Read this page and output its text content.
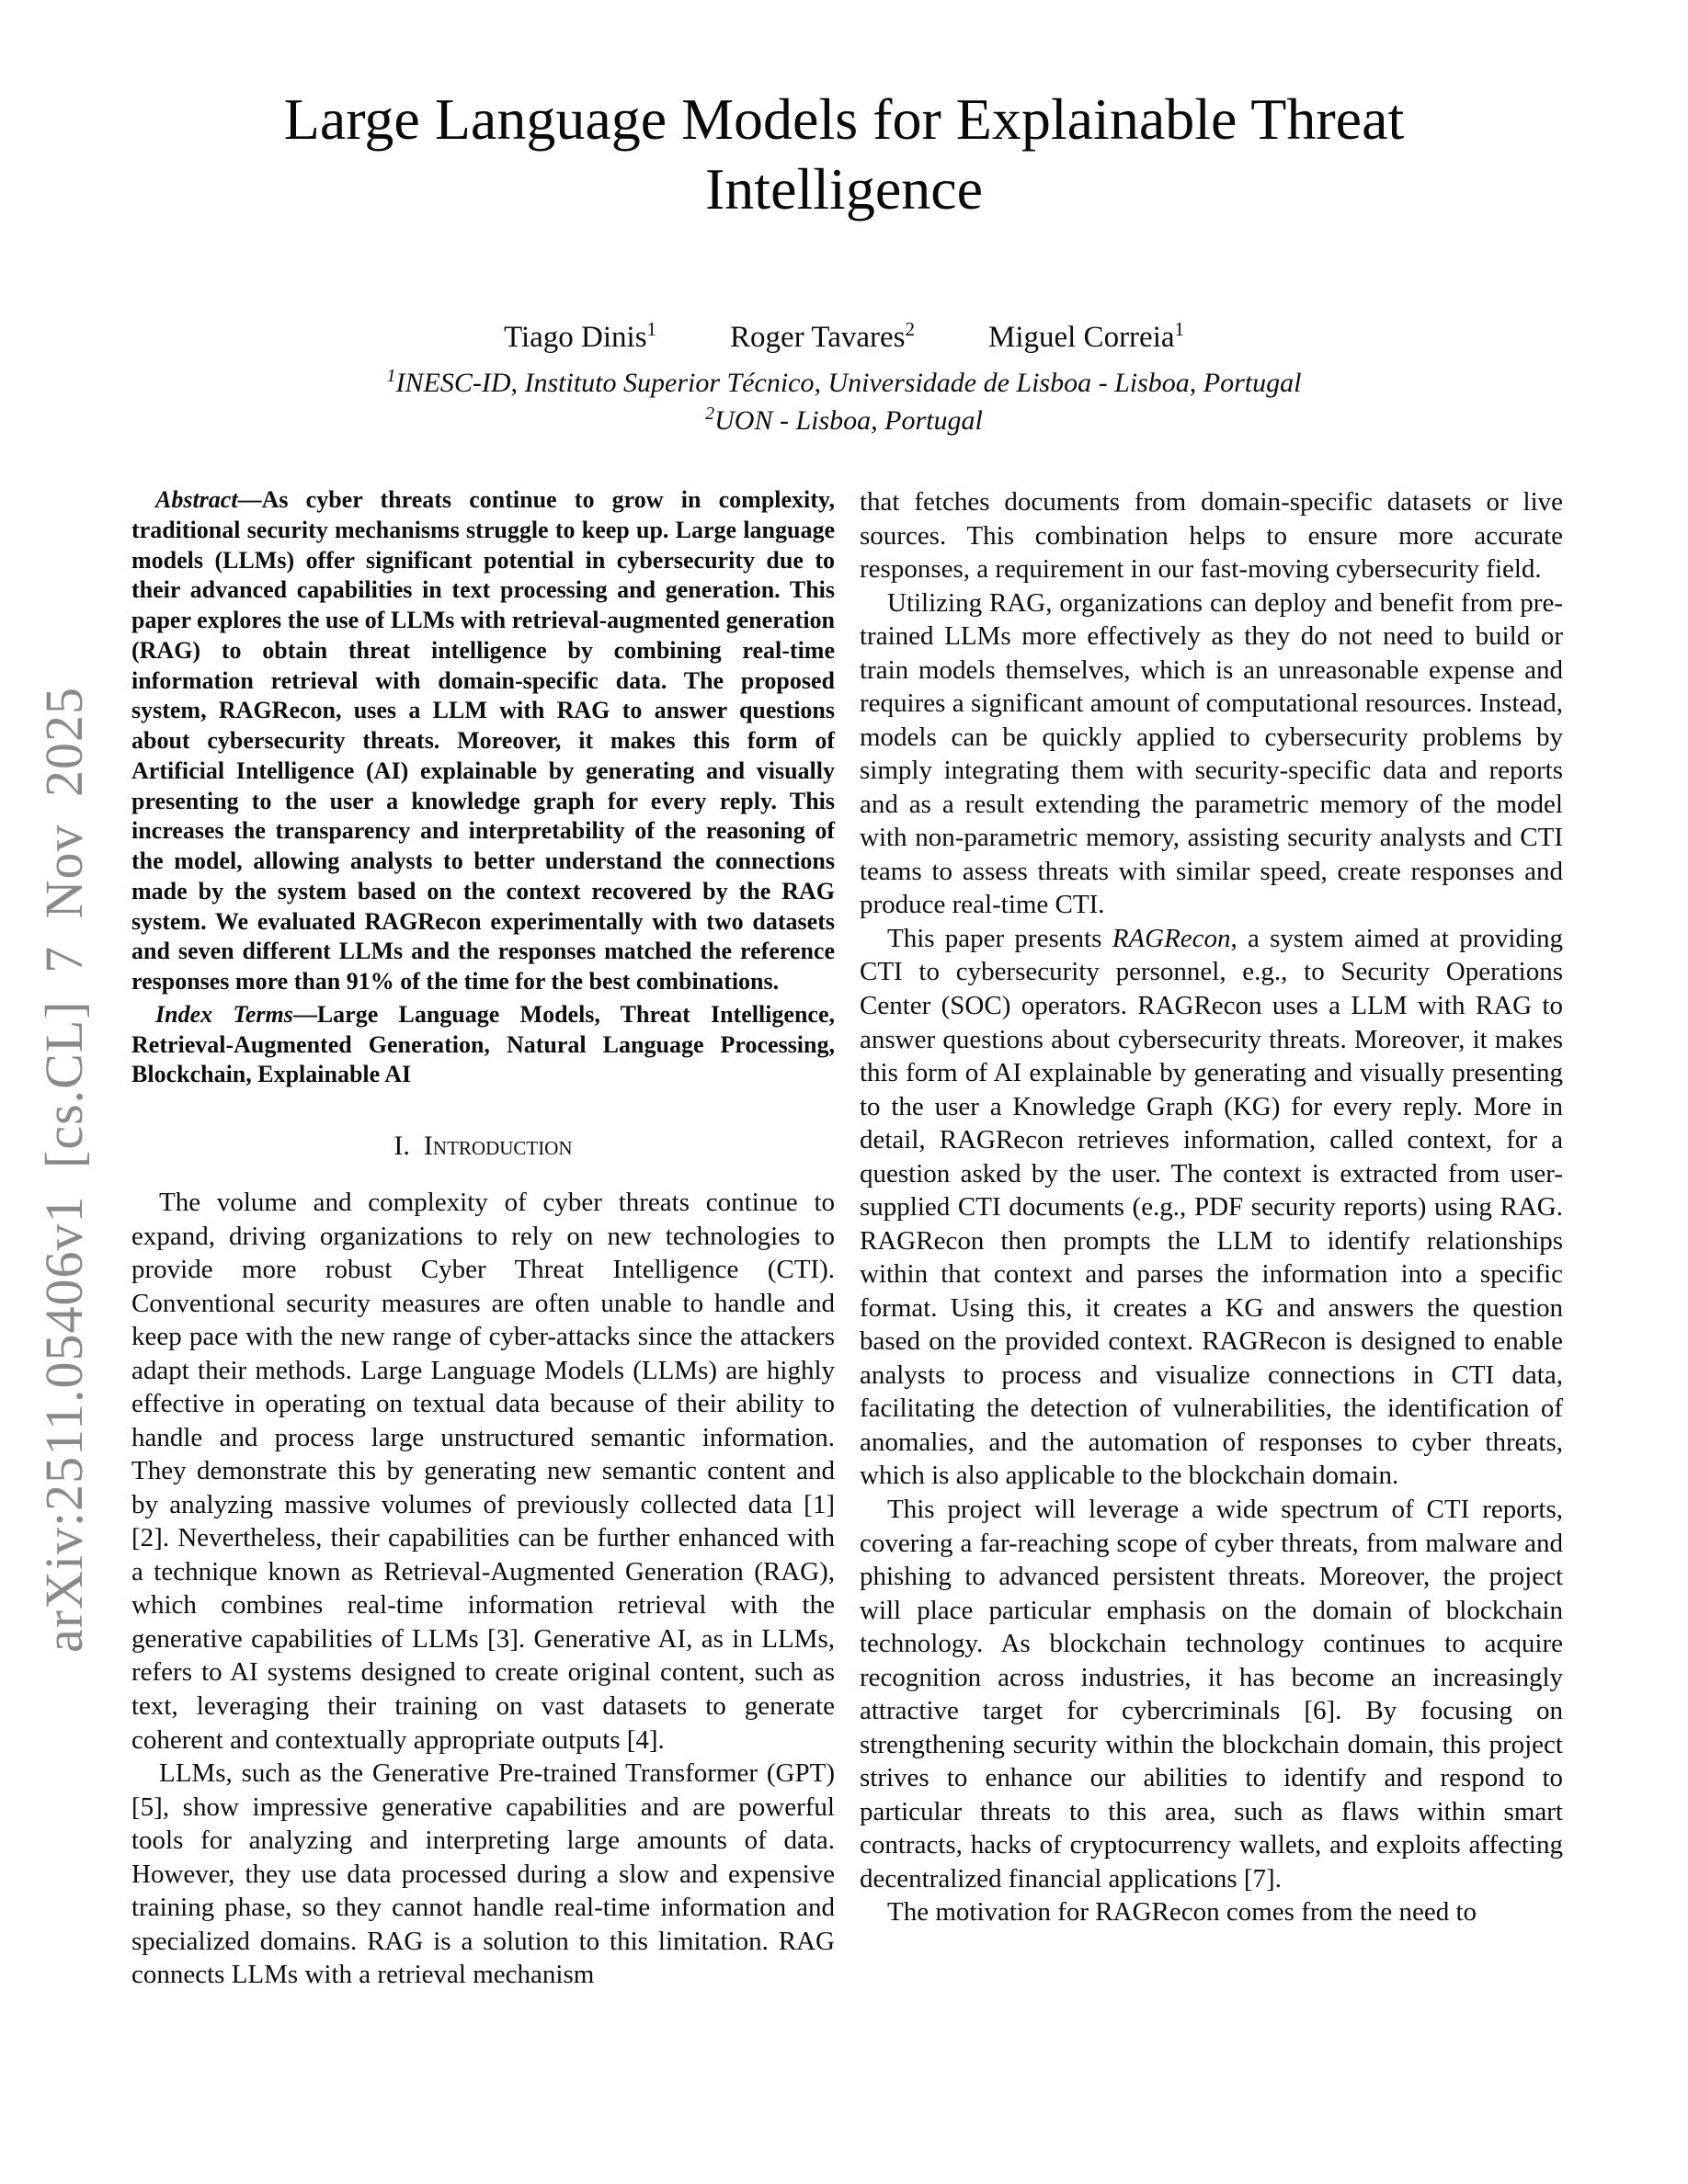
arXiv:2511.05406v1 [cs.CL] 7 Nov 2025
Large Language Models for Explainable Threat Intelligence
Tiago Dinis$^1$ Roger Tavares$^2$ Miguel Correia$^1$
$^1$INESC-ID, Instituto Superior Técnico, Universidade de Lisboa - Lisboa, Portugal
$^2$UON - Lisboa, Portugal

Abstract—As cyber threats continue to grow in complexity, traditional security mechanisms struggle to keep up. Large language models (LLMs) offer significant potential in cybersecurity due to their advanced capabilities in text processing and generation. This paper explores the use of LLMs with retrieval-augmented generation (RAG) to obtain threat intelligence by combining real-time information retrieval with domain-specific data. The proposed system, RAGRecon, uses a LLM with RAG to answer questions about cybersecurity threats. Moreover, it makes this form of Artificial Intelligence (AI) explainable by generating and visually presenting to the user a knowledge graph for every reply. This increases the transparency and interpretability of the reasoning of the model, allowing analysts to better understand the connections made by the system based on the context recovered by the RAG system. We evaluated RAGRecon experimentally with two datasets and seven different LLMs and the responses matched the reference responses more than 91% of the time for the best combinations.

Index Terms—Large Language Models, Threat Intelligence, Retrieval-Augmented Generation, Natural Language Processing, Blockchain, Explainable AI

I. Introduction

The volume and complexity of cyber threats continue to expand, driving organizations to rely on new technologies to provide more robust Cyber Threat Intelligence (CTI). Conventional security measures are often unable to handle and keep pace with the new range of cyber-attacks since the attackers adapt their methods. Large Language Models (LLMs) are highly effective in operating on textual data because of their ability to handle and process large unstructured semantic information. They demonstrate this by generating new semantic content and by analyzing massive volumes of previously collected data [1] [2]. Nevertheless, their capabilities can be further enhanced with a technique known as Retrieval-Augmented Generation (RAG), which combines real-time information retrieval with the generative capabilities of LLMs [3]. Generative AI, as in LLMs, refers to AI systems designed to create original content, such as text, leveraging their training on vast datasets to generate coherent and contextually appropriate outputs [4].

LLMs, such as the Generative Pre-trained Transformer (GPT) [5], show impressive generative capabilities and are powerful tools for analyzing and interpreting large amounts of data. However, they use data processed during a slow and expensive training phase, so they cannot handle real-time information and specialized domains. RAG is a solution to this limitation. RAG connects LLMs with a retrieval mechanism

that fetches documents from domain-specific datasets or live sources. This combination helps to ensure more accurate responses, a requirement in our fast-moving cybersecurity field.

Utilizing RAG, organizations can deploy and benefit from pre-trained LLMs more effectively as they do not need to build or train models themselves, which is an unreasonable expense and requires a significant amount of computational resources. Instead, models can be quickly applied to cybersecurity problems by simply integrating them with security-specific data and reports and as a result extending the parametric memory of the model with non-parametric memory, assisting security analysts and CTI teams to assess threats with similar speed, create responses and produce real-time CTI.

This paper presents RAGRecon, a system aimed at providing CTI to cybersecurity personnel, e.g., to Security Operations Center (SOC) operators. RAGRecon uses a LLM with RAG to answer questions about cybersecurity threats. Moreover, it makes this form of AI explainable by generating and visually presenting to the user a Knowledge Graph (KG) for every reply. More in detail, RAGRecon retrieves information, called context, for a question asked by the user. The context is extracted from user-supplied CTI documents (e.g., PDF security reports) using RAG. RAGRecon then prompts the LLM to identify relationships within that context and parses the information into a specific format. Using this, it creates a KG and answers the question based on the provided context. RAGRecon is designed to enable analysts to process and visualize connections in CTI data, facilitating the detection of vulnerabilities, the identification of anomalies, and the automation of responses to cyber threats, which is also applicable to the blockchain domain.

This project will leverage a wide spectrum of CTI reports, covering a far-reaching scope of cyber threats, from malware and phishing to advanced persistent threats. Moreover, the project will place particular emphasis on the domain of blockchain technology. As blockchain technology continues to acquire recognition across industries, it has become an increasingly attractive target for cybercriminals [6]. By focusing on strengthening security within the blockchain domain, this project strives to enhance our abilities to identify and respond to particular threats to this area, such as flaws within smart contracts, hacks of cryptocurrency wallets, and exploits affecting decentralized financial applications [7].

The motivation for RAGRecon comes from the need to
